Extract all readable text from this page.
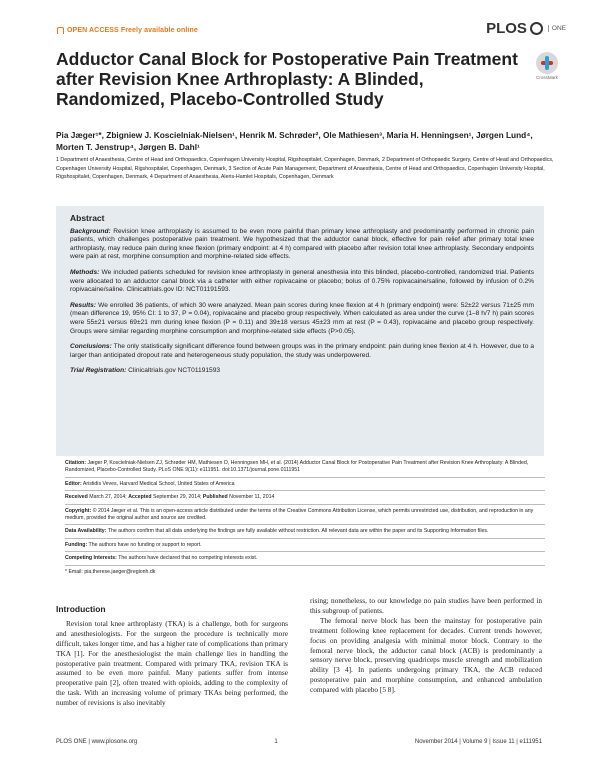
OPEN ACCESS Freely available online	PLOS	ONE
Adductor Canal Block for Postoperative Pain Treatment after Revision Knee Arthroplasty: A Blinded, Randomized, Placebo-Controlled Study
CrossMark
Pia Jæger¹*, Zbigniew J. Koscielniak-Nielsen¹, Henrik M. Schrøder², Ole Mathiesen³, Maria H. Henningsen¹, Jørgen Lund⁴, Morten T. Jenstrup⁴, Jørgen B. Dahl¹
1 Department of Anaesthesia, Centre of Head and Orthopaedics, Copenhagen University Hospital, Rigshospitalet, Copenhagen, Denmark, 2 Department of Orthopaedic Surgery, Centre of Head and Orthopaedics, Copenhagen University Hospital, Rigshospitalet, Copenhagen, Denmark, 3 Section of Acute Pain Management, Department of Anaesthesia, Centre of Head and Orthopaedics, Copenhagen University Hospital, Rigshospitalet, Copenhagen, Denmark, 4 Department of Anaesthesia, Aleris-Hamlet Hospitals, Copenhagen, Denmark
Abstract

Background: Revision knee arthroplasty is assumed to be even more painful than primary knee arthroplasty and predominantly performed in chronic pain patients, which challenges postoperative pain treatment. We hypothesized that the adductor canal block, effective for pain relief after primary total knee arthroplasty, may reduce pain during knee flexion (primary endpoint: at 4 h) compared with placebo after revision total knee arthroplasty. Secondary endpoints were pain at rest, morphine consumption and morphine-related side effects.

Methods: We included patients scheduled for revision knee arthroplasty in general anesthesia into this blinded, placebo-controlled, randomized trial. Patients were allocated to an adductor canal block via a catheter with either ropivacaine or placebo; bolus of 0.75% ropivacaine/saline, followed by infusion of 0.2% ropivacaine/saline. Clinicaltrials.gov ID: NCT01191593.

Results: We enrolled 36 patients, of which 30 were analyzed. Mean pain scores during knee flexion at 4 h (primary endpoint) were: 52±22 versus 71±25 mm (mean difference 19, 95% CI: 1 to 37, P = 0.04), ropivacaine and placebo group respectively. When calculated as area under the curve (1–8 h/7 h) pain scores were 55±21 versus 69±21 mm during knee flexion (P = 0.11) and 39±18 versus 45±23 mm at rest (P = 0.43), ropivacaine and placebo group respectively. Groups were similar regarding morphine consumption and morphine-related side effects (P>0.05).

Conclusions: The only statistically significant difference found between groups was in the primary endpoint: pain during knee flexion at 4 h. However, due to a larger than anticipated dropout rate and heterogeneous study population, the study was underpowered.

Trial Registration: Clinicaltrials.gov NCT01191593

Citation: Jæger P, Koscielniak-Nielsen ZJ, Schrøder HM, Mathiesen O, Henningsen MH, et al. (2014) Adductor Canal Block for Postoperative Pain Treatment after Revision Knee Arthroplasty: A Blinded, Randomized, Placebo-Controlled Study. PLoS ONE 9(11): e111951. doi:10.1371/journal.pone.0111951

Editor: Aristidis Veves, Harvard Medical School, United States of America

Received March 27, 2014; Accepted September 29, 2014; Published November 11, 2014

Copyright: © 2014 Jæger et al. This is an open-access article distributed under the terms of the Creative Commons Attribution License, which permits unrestricted use, distribution, and reproduction in any medium, provided the original author and source are credited.

Data Availability: The authors confirm that all data underlying the findings are fully available without restriction. All relevant data are within the paper and its Supporting Information files.

Funding: The authors have no funding or support to report.

Competing Interests: The authors have declared that no competing interests exist.

* Email: pia.therese.jaeger@regionh.dk

Introduction

Revision total knee arthroplasty (TKA) is a challenge, both for surgeons and anesthesiologists. For the surgeon the procedure is technically more difficult, takes longer time, and has a higher rate of complications than primary TKA [1]. For the anesthesiologist the main challenge lies in handling the postoperative pain treatment. Compared with primary TKA, revision TKA is assumed to be even more painful. Many patients suffer from intense preoperative pain [2], often treated with opioids, adding to the complexity of the task. With an increasing volume of primary TKAs being performed, the number of revisions is also inevitably

rising; nonetheless, to our knowledge no pain studies have been performed in this subgroup of patients.

The femoral nerve block has been the mainstay for postoperative pain treatment following knee replacement for decades. Current trends however, focus on providing analgesia with minimal motor block. Contrary to the femoral nerve block, the adductor canal block (ACB) is predominantly a sensory nerve block, preserving quadriceps muscle strength and mobilization ability [3 4]. In patients undergoing primary TKA, the ACB reduced postoperative pain and morphine consumption, and enhanced ambulation compared with placebo [5 8].

PLOS ONE | www.plosone.org	1	November 2014 | Volume 9 | Issue 11 | e111951
